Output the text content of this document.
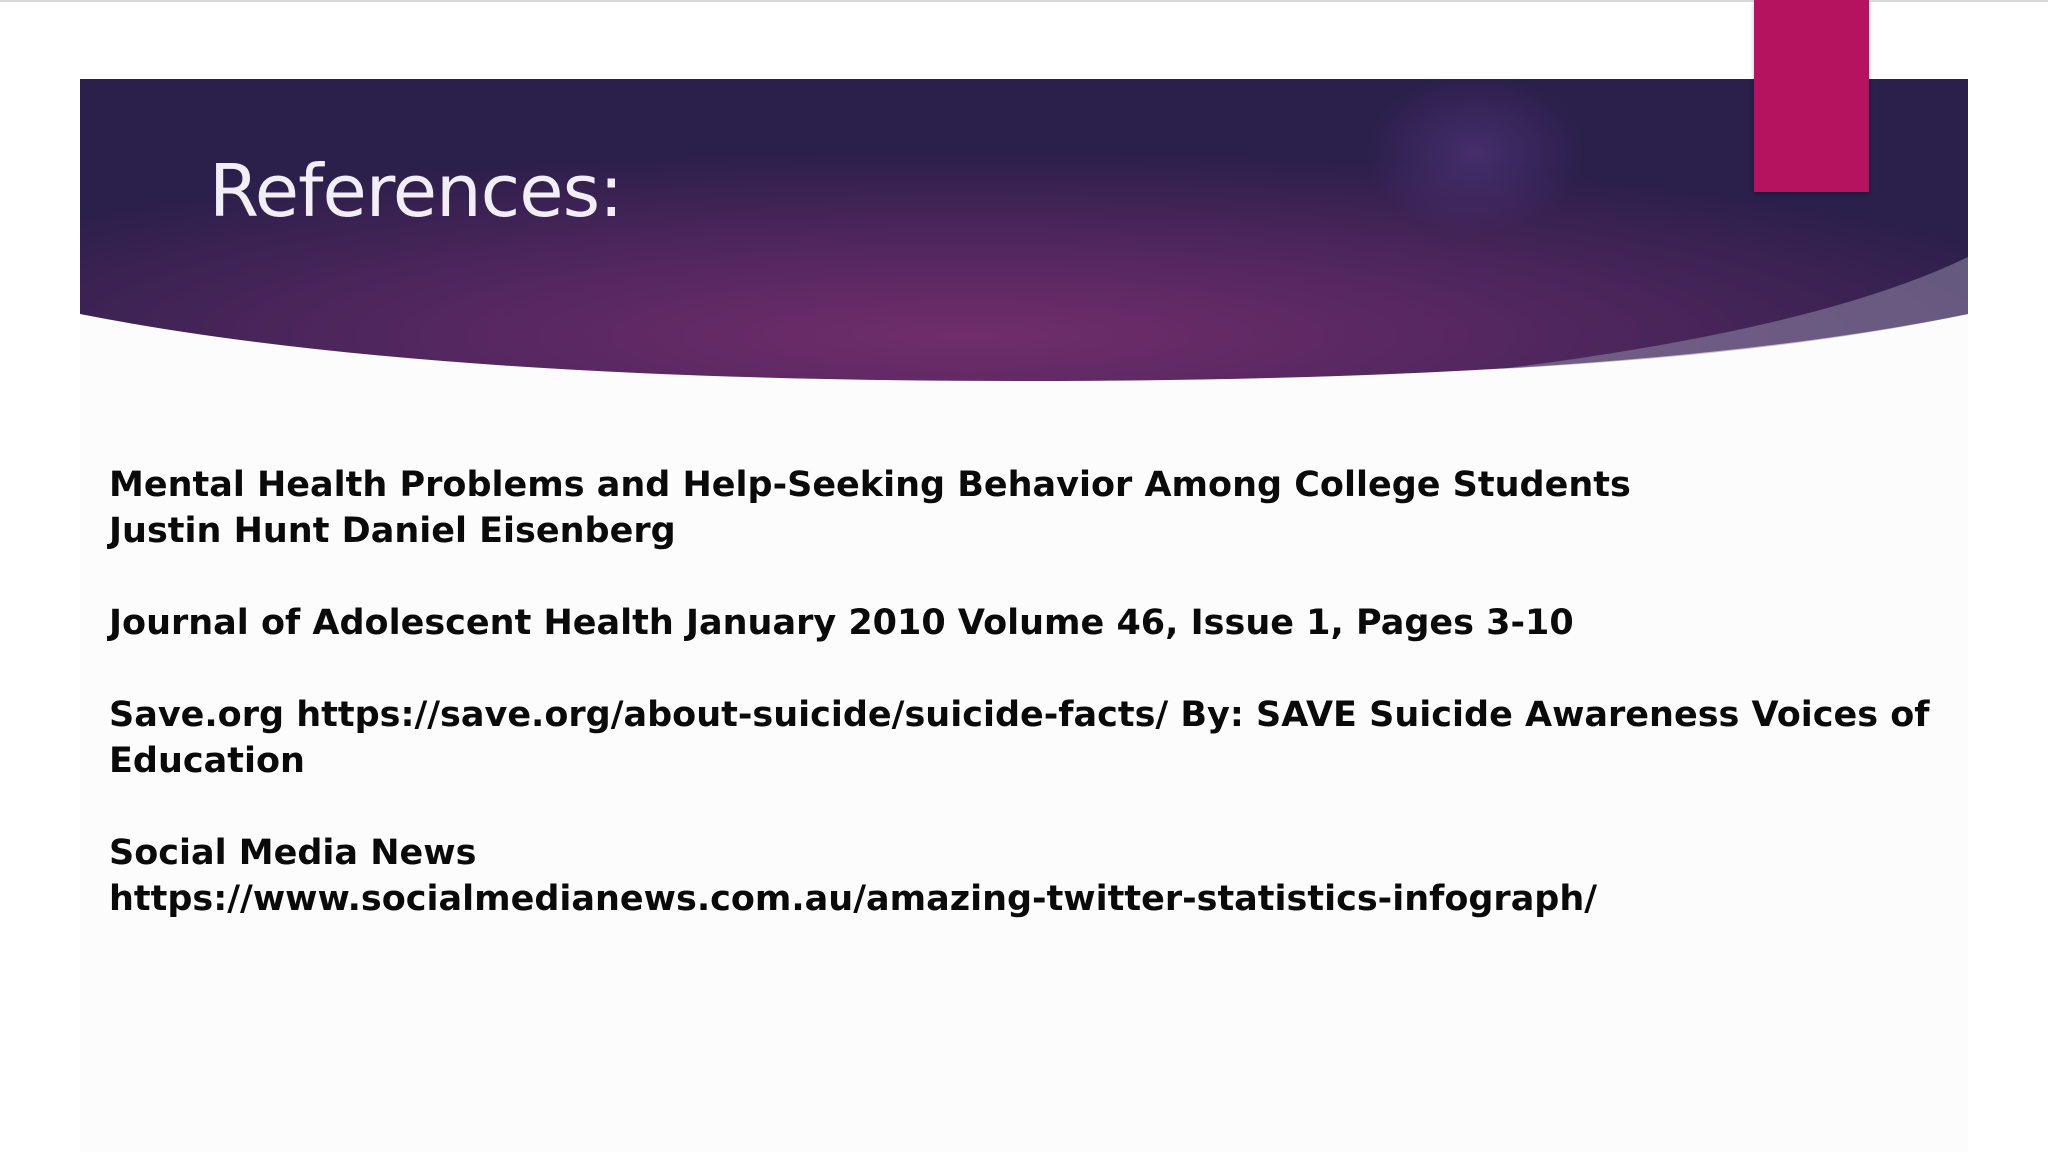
References:
Mental Health Problems and Help-Seeking Behavior Among College Students
Justin Hunt Daniel Eisenberg
Journal of Adolescent Health January 2010 Volume 46, Issue 1, Pages 3-10
Save.org https://save.org/about-suicide/suicide-facts/ By: SAVE Suicide Awareness Voices of
Education
Social Media News
https://www.socialmedianews.com.au/amazing-twitter-statistics-infograph/
